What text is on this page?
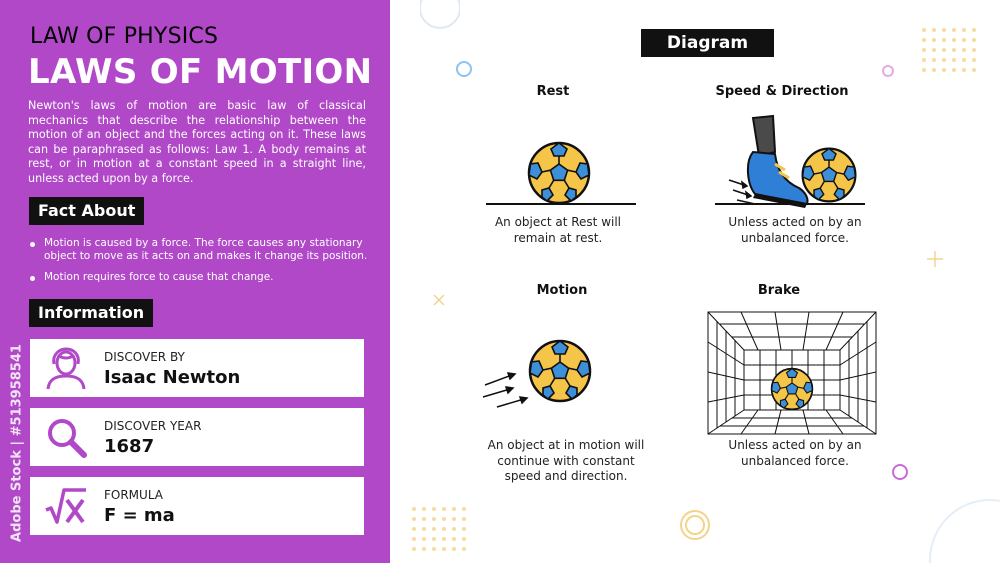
LAW OF PHYSICS
LAWS OF MOTION
Newton's laws of motion are basic law of classical mechanics that describe the relationship between the motion of an object and the forces acting on it. These laws can be paraphrased as follows: Law 1. A body remains at rest, or in motion at a constant speed in a straight line, unless acted upon by a force.
Fact About
Motion is caused by a force. The force causes any stationary object to move as it acts on and makes it change its position.
Motion requires force to cause that change.
Information
DISCOVER BY
Isaac Newton
DISCOVER YEAR
1687
FORMULA
F = ma
Adobe Stock | #513958541
Diagram
Rest
An object at Rest will remain at rest.
Speed & Direction
Unless acted on by an unbalanced force.
Motion
An object at in motion will continue with constant speed and direction.
Brake
Unless acted on by an unbalanced force.
